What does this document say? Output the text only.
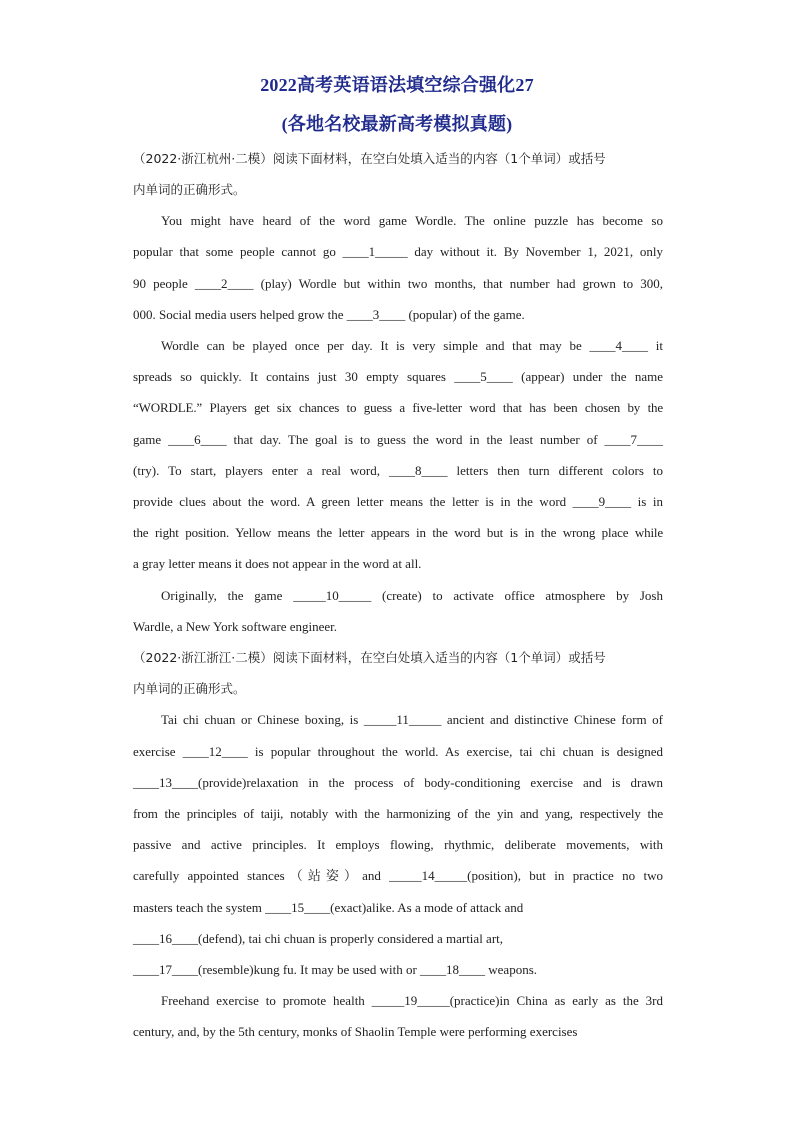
2022高考英语语法填空综合强化27
(各地名校最新高考模拟真题)
（2022·浙江杭州·二模）阅读下面材料，在空白处填入适当的内容（1个单词）或括号
内单词的正确形式。
You might have heard of the word game Wordle. The online puzzle has become so
popular that some people cannot go ____1_____ day without it. By November 1, 2021, only
90 people ____2____ (play) Wordle but within two months, that number had grown to 300,
000. Social media users helped grow the ____3____ (popular) of the game.
Wordle can be played once per day. It is very simple and that may be ____4____ it
spreads so quickly. It contains just 30 empty squares ____5____ (appear) under the name
“WORDLE.” Players get six chances to guess a five-letter word that has been chosen by the
game ____6____ that day. The goal is to guess the word in the least number of ____7____
(try). To start, players enter a real word, ____8____ letters then turn different colors to
provide clues about the word. A green letter means the letter is in the word ____9____ is in
the right position. Yellow means the letter appears in the word but is in the wrong place while
a gray letter means it does not appear in the word at all.
Originally, the game _____10_____ (create) to activate office atmosphere by Josh
Wardle, a New York software engineer.
（2022·浙江浙江·二模）阅读下面材料，在空白处填入适当的内容（1个单词）或括号
内单词的正确形式。
Tai chi chuan or Chinese boxing, is _____11_____ ancient and distinctive Chinese form of
exercise ____12____ is popular throughout the world. As exercise, tai chi chuan is designed
____13____(provide)relaxation in the process of body-conditioning exercise and is drawn
from the principles of taiji, notably with the harmonizing of the yin and yang, respectively the
passive and active principles. It employs flowing, rhythmic, deliberate movements, with
carefully appointed stances（站姿）and _____14_____(position), but in practice no two
masters teach the system ____15____(exact)alike. As a mode of attack and
____16____(defend), tai chi chuan is properly considered a martial art,
____17____(resemble)kung fu. It may be used with or ____18____ weapons.
Freehand exercise to promote health _____19_____(practice)in China as early as the 3rd
century, and, by the 5th century, monks of Shaolin Temple were performing exercises
